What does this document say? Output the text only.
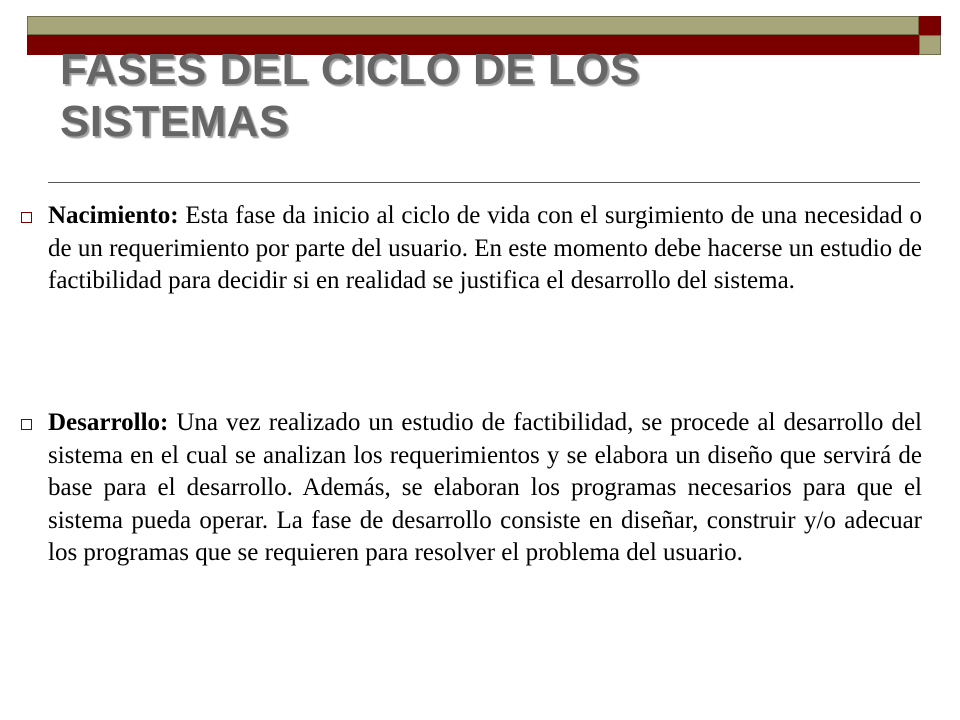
FASES DEL CICLO DE LOS
SISTEMAS
Nacimiento: Esta fase da inicio al ciclo de vida con el surgimiento de una necesidad o de un requerimiento por parte del usuario. En este momento debe hacerse un estudio de factibilidad para decidir si en realidad se justifica el desarrollo del sistema.
Desarrollo: Una vez realizado un estudio de factibilidad, se procede al desarrollo del sistema en el cual se analizan los requerimientos y se elabora un diseño que servirá de base para el desarrollo. Además, se elaboran los programas necesarios para que el sistema pueda operar. La fase de desarrollo consiste en diseñar, construir y/o adecuar los programas que se requieren para resolver el problema del usuario.
